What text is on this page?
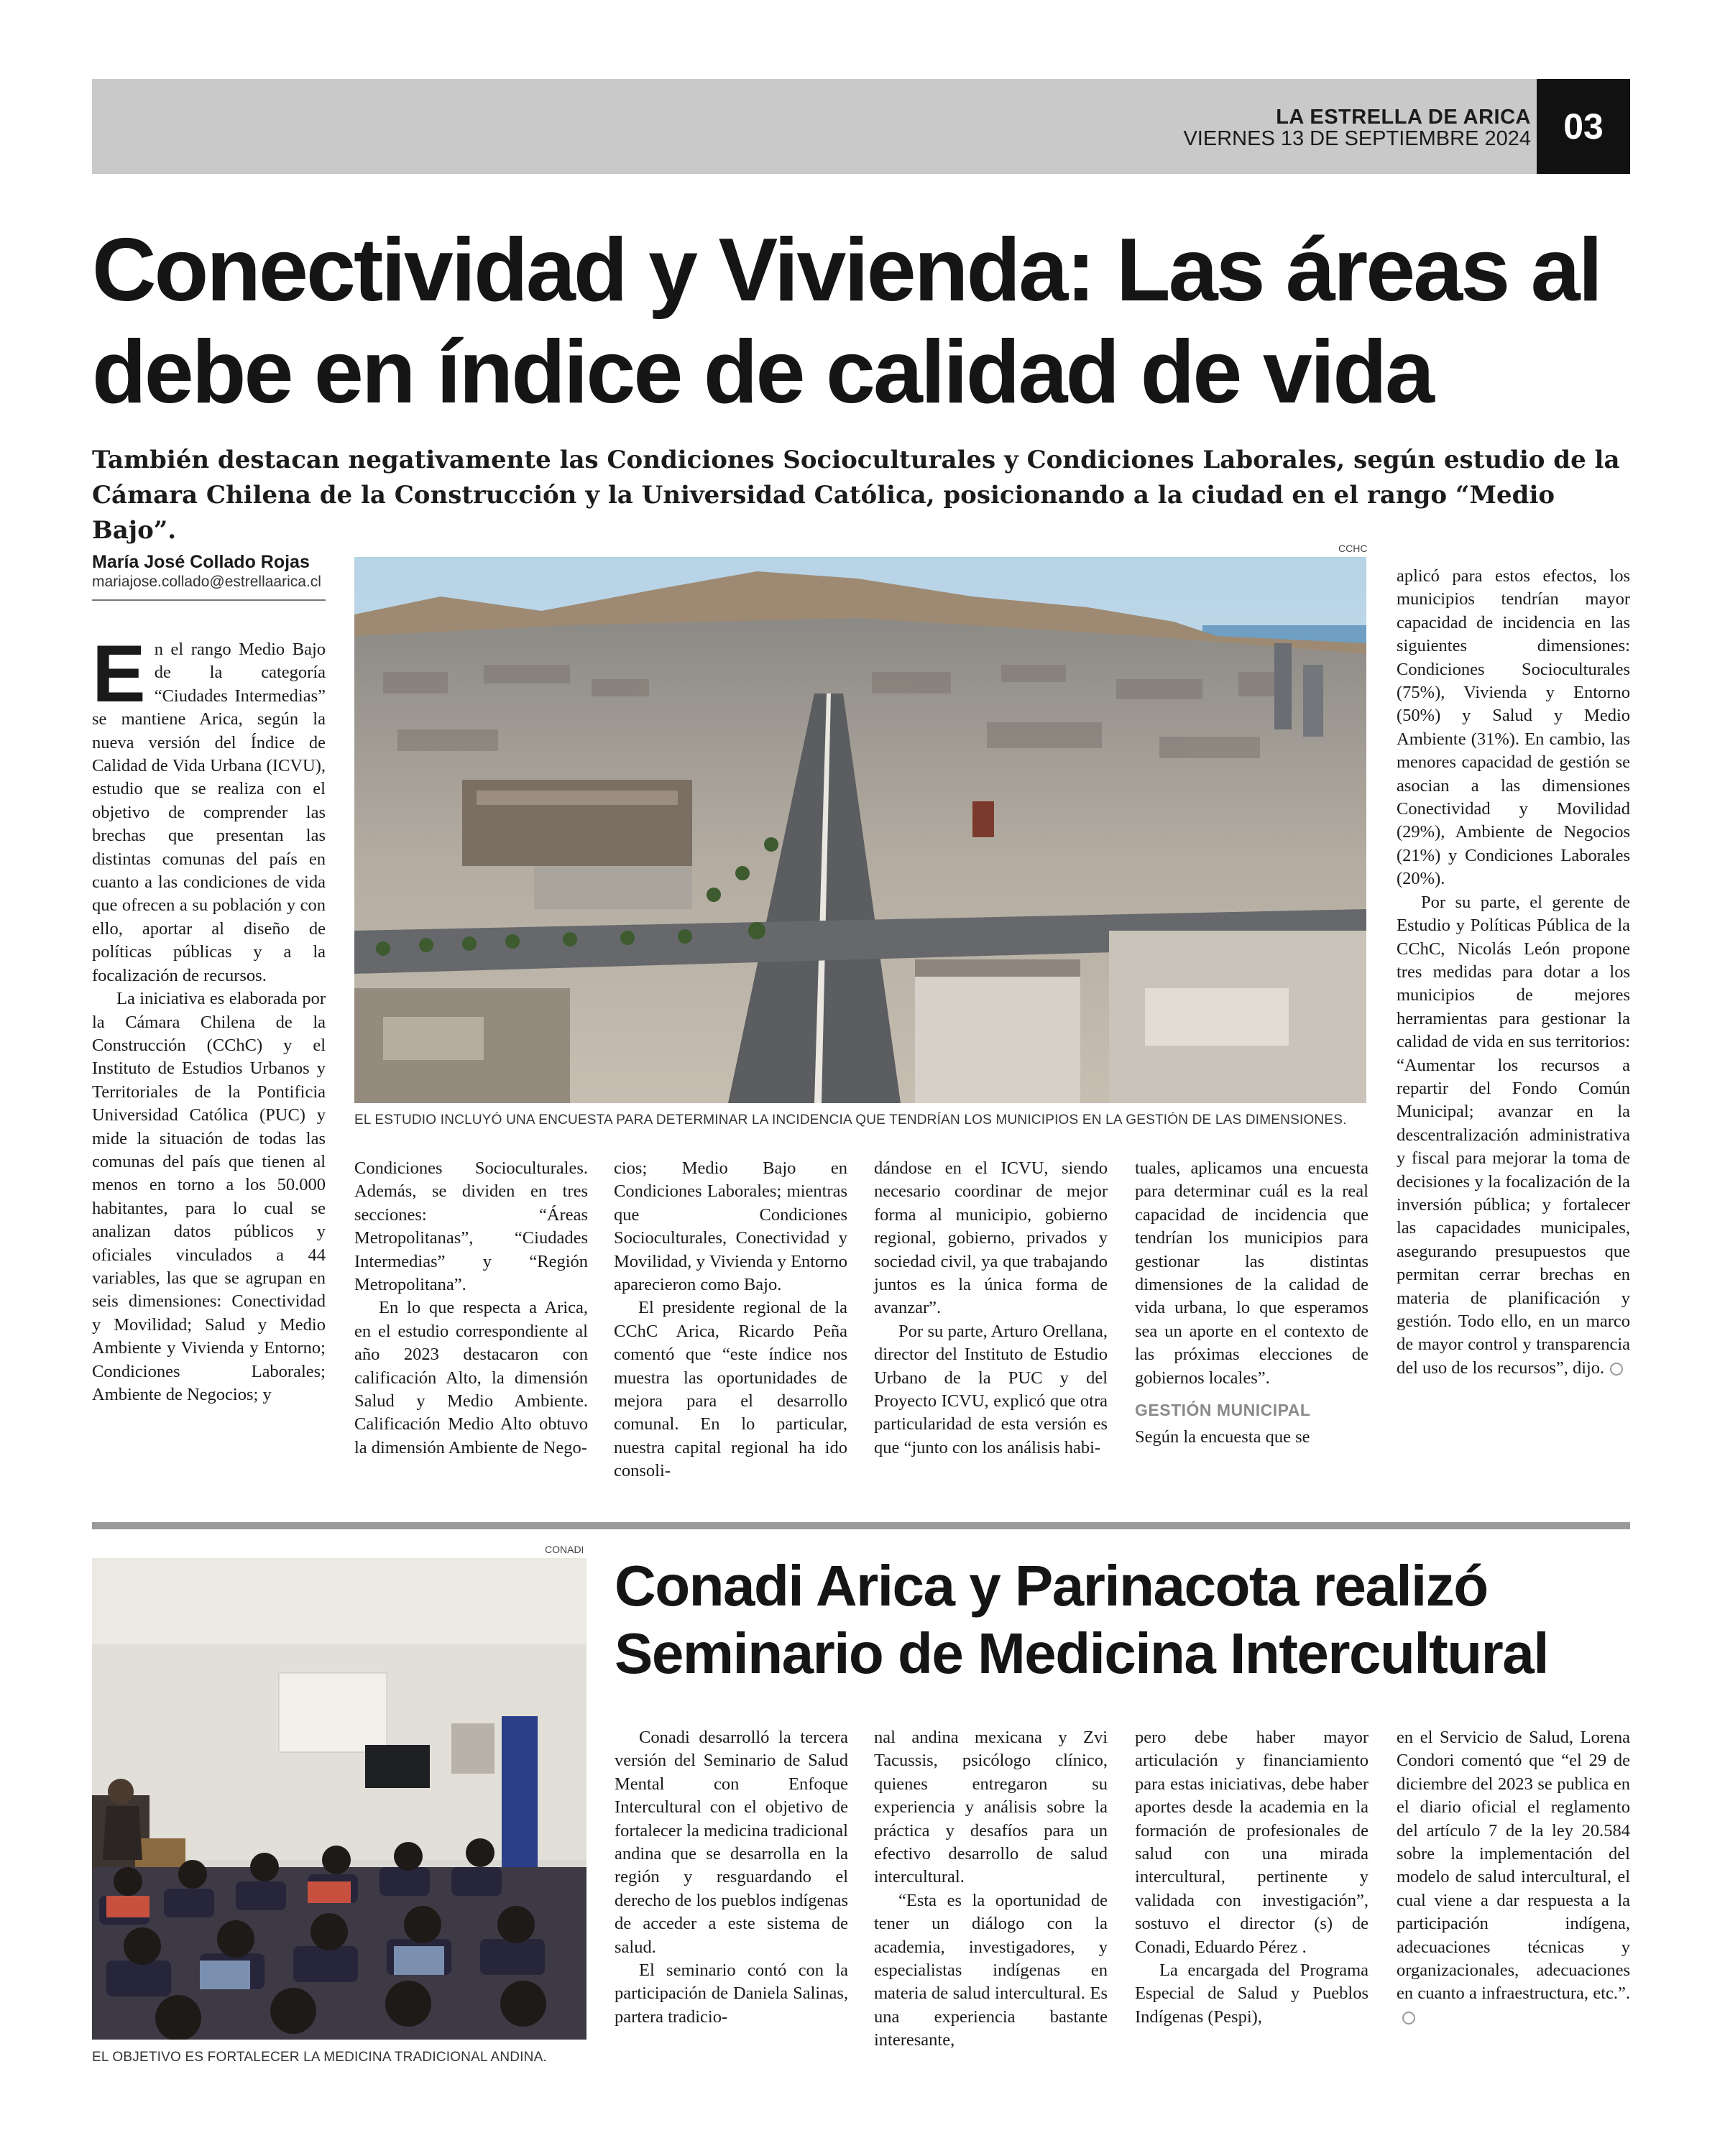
LA ESTRELLA DE ARICA
VIERNES 13 DE SEPTIEMBRE 2024 03
Conectividad y Vivienda: Las áreas al debe en índice de calidad de vida
También destacan negativamente las Condiciones Socioculturales y Condiciones Laborales, según estudio de la Cámara Chilena de la Construcción y la Universidad Católica, posicionando a la ciudad en el rango “Medio Bajo”.
María José Collado Rojas
mariajose.collado@estrellaarica.cl

En el rango Medio Bajo de la categoría “Ciudades Intermedias” se mantiene Arica, según la nueva versión del Índice de Calidad de Vida Urbana (ICVU), estudio que se realiza con el objetivo de comprender las brechas que presentan las distintas comunas del país en cuanto a las condiciones de vida que ofrecen a su población y con ello, aportar al diseño de políticas públicas y a la focalización de recursos.

La iniciativa es elaborada por la Cámara Chilena de la Construcción (CChC) y el Instituto de Estudios Urbanos y Territoriales de la Pontificia Universidad Católica (PUC) y mide la situación de todas las comunas del país que tienen al menos en torno a los 50.000 habitantes, para lo cual se analizan datos públicos y oficiales vinculados a 44 variables, las que se agrupan en seis dimensiones: Conectividad y Movilidad; Salud y Medio Ambiente y Vivienda y Entorno; Condiciones Laborales; Ambiente de Negocios; y

CCHC
EL ESTUDIO INCLUYÓ UNA ENCUESTA PARA DETERMINAR LA INCIDENCIA QUE TENDRÍAN LOS MUNICIPIOS EN LA GESTIÓN DE LAS DIMENSIONES.

aplicó para estos efectos, los municipios tendrían mayor capacidad de incidencia en las siguientes dimensiones: Condiciones Socioculturales (75%), Vivienda y Entorno (50%) y Salud y Medio Ambiente (31%). En cambio, las menores capacidad de gestión se asocian a las dimensiones Conectividad y Movilidad (29%), Ambiente de Negocios (21%) y Condiciones Laborales (20%).

Por su parte, el gerente de Estudio y Políticas Pública de la CChC, Nicolás León propone tres medidas para dotar a los municipios de mejores herramientas para gestionar la calidad de vida en sus territorios: “Aumentar los recursos a repartir del Fondo Común Municipal; avanzar en la descentralización administrativa y fiscal para mejorar la toma de decisiones y la focalización de la inversión pública; y fortalecer las capacidades municipales, asegurando presupuestos que permitan cerrar brechas en materia de planificación y gestión. Todo ello, en un marco de mayor control y transparencia del uso de los recursos”, dijo.

Condiciones Socioculturales. Además, se dividen en tres secciones: “Áreas Metropolitanas”, “Ciudades Intermedias” y “Región Metropolitana”.

En lo que respecta a Arica, en el estudio correspondiente al año 2023 destacaron con calificación Alto, la dimensión Salud y Medio Ambiente. Calificación Medio Alto obtuvo la dimensión Ambiente de Nego-

cios; Medio Bajo en Condiciones Laborales; mientras que Condiciones Socioculturales, Conectividad y Movilidad, y Vivienda y Entorno aparecieron como Bajo.

El presidente regional de la CChC Arica, Ricardo Peña comentó que “este índice nos muestra las oportunidades de mejora para el desarrollo comunal. En lo particular, nuestra capital regional ha ido consoli-

dándose en el ICVU, siendo necesario coordinar de mejor forma al municipio, gobierno regional, gobierno, privados y sociedad civil, ya que trabajando juntos es la única forma de avanzar”.

Por su parte, Arturo Orellana, director del Instituto de Estudio Urbano de la PUC y del Proyecto ICVU, explicó que otra particularidad de esta versión es que “junto con los análisis habi-

tuales, aplicamos una encuesta para determinar cuál es la real capacidad de incidencia que tendrían los municipios para gestionar las distintas dimensiones de la calidad de vida urbana, lo que esperamos sea un aporte en el contexto de las próximas elecciones de gobiernos locales”.

GESTIÓN MUNICIPAL

Según la encuesta que se

CONADI
EL OBJETIVO ES FORTALECER LA MEDICINA TRADICIONAL ANDINA.
Conadi Arica y Parinacota realizó Seminario de Medicina Intercultural

Conadi desarrolló la tercera versión del Seminario de Salud Mental con Enfoque Intercultural con el objetivo de fortalecer la medicina tradicional andina que se desarrolla en la región y resguardando el derecho de los pueblos indígenas de acceder a este sistema de salud.

El seminario contó con la participación de Daniela Salinas, partera tradicio-

nal andina mexicana y Zvi Tacussis, psicólogo clínico, quienes entregaron su experiencia y análisis sobre la práctica y desafíos para un efectivo desarrollo de salud intercultural.

“Esta es la oportunidad de tener un diálogo con la academia, investigadores, y especialistas indígenas en materia de salud intercultural. Es una experiencia bastante interesante,

pero debe haber mayor articulación y financiamiento para estas iniciativas, debe haber aportes desde la academia en la formación de profesionales de salud con una mirada intercultural, pertinente y validada con investigación”, sostuvo el director (s) de Conadi, Eduardo Pérez .

La encargada del Programa Especial de Salud y Pueblos Indígenas (Pespi),

en el Servicio de Salud, Lorena Condori comentó que “el 29 de diciembre del 2023 se publica en el diario oficial el reglamento del artículo 7 de la ley 20.584 sobre la implementación del modelo de salud intercultural, el cual viene a dar respuesta a la participación indígena, adecuaciones técnicas y organizacionales, adecuaciones en cuanto a infraestructura, etc.”.
